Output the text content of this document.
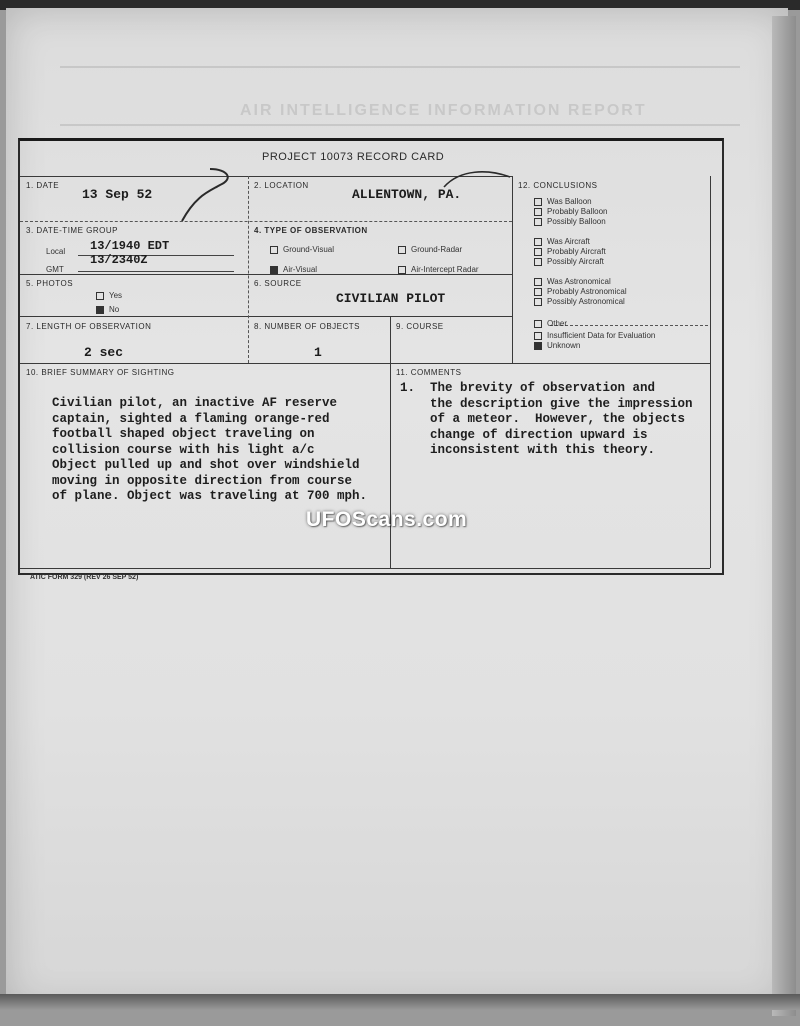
AIR INTELLIGENCE INFORMATION REPORT
PROJECT 10073 RECORD CARD
1. DATE
13 Sep 52
2. LOCATION
ALLENTOWN, PA.
3. DATE-TIME GROUP
Local 13/1940 EDT
GMT
13/2340Z
4. TYPE OF OBSERVATION
Ground-Visual	Ground-Radar
Air-Visual	Air-Intercept Radar
5. PHOTOS
Yes
No
6. SOURCE
CIVILIAN PILOT
7. LENGTH OF OBSERVATION
2 sec
8. NUMBER OF OBJECTS
1
9. COURSE
10. BRIEF SUMMARY OF SIGHTING
Civilian pilot, an inactive AF reserve
captain, sighted a flaming orange-red
football shaped object traveling on
collision course with his light a/c
Object pulled up and shot over windshield
moving in opposite direction from course
of plane. Object was traveling at 700 mph.
11. COMMENTS
1. The brevity of observation and
the description give the impression
of a meteor.  However, the objects
change of direction upward is
inconsistent with this theory.
12. CONCLUSIONS
Was Balloon
Probably Balloon
Possibly Balloon
Was Aircraft
Probably Aircraft
Possibly Aircraft
Was Astronomical
Probably Astronomical
Possibly Astronomical
Other
Insufficient Data for Evaluation
Unknown
ATIC FORM 329 (REV 26 SEP 52)
UFOScans.com
